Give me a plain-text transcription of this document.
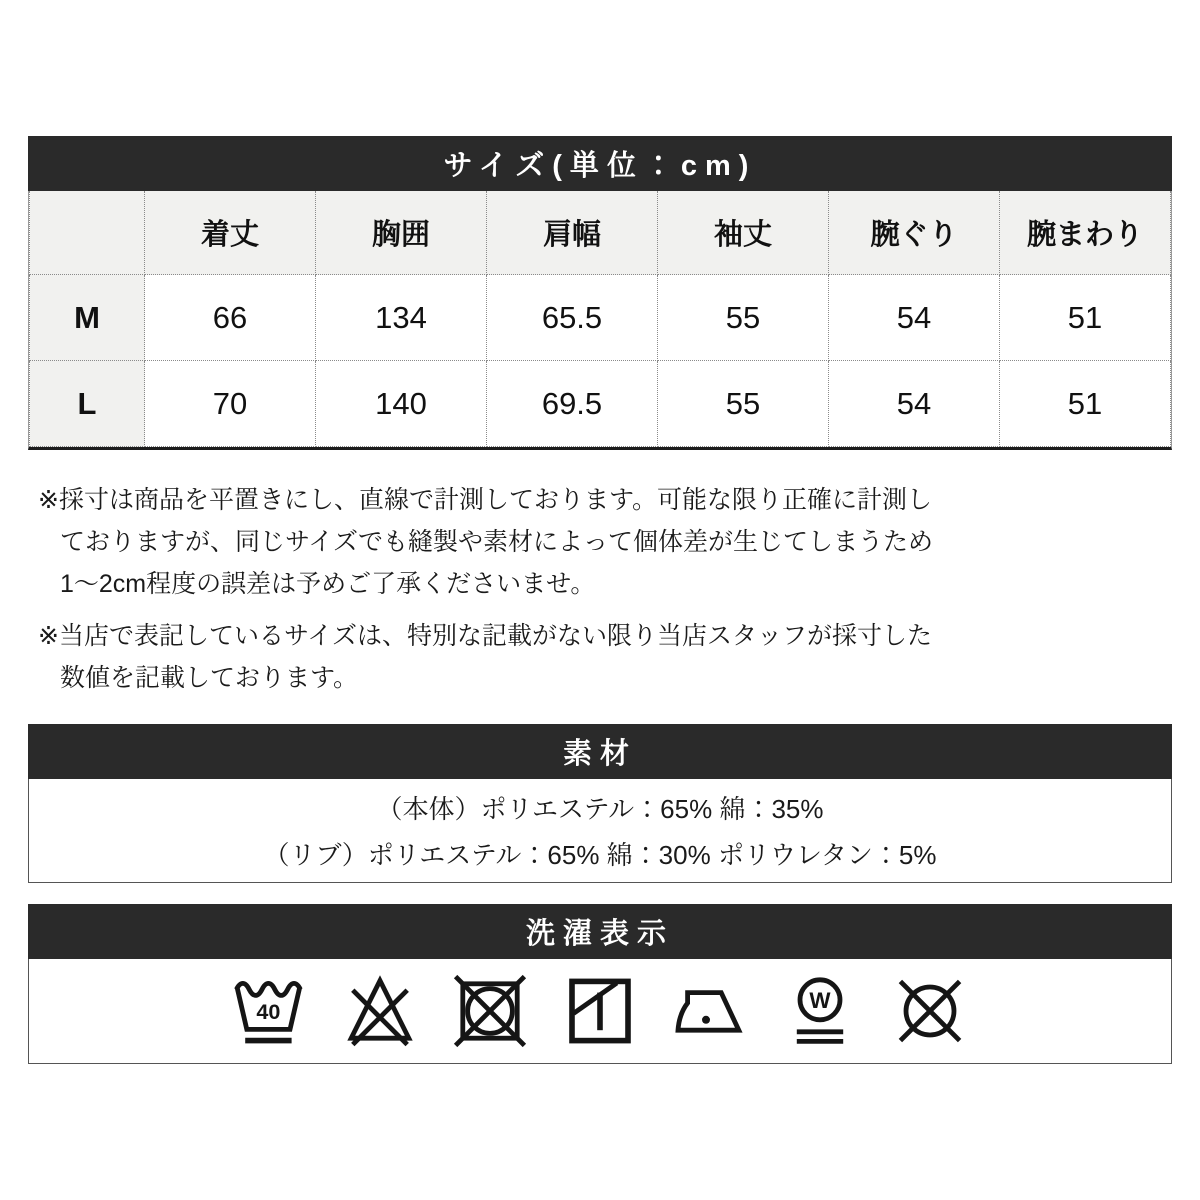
サイズ(単位：cm)
	着丈	胸囲	肩幅	袖丈	腕ぐり	腕まわり
M	66	134	65.5	55	54	51
L	70	140	69.5	55	54	51
※採寸は商品を平置きにし、直線で計測しております。可能な限り正確に計測し
ておりますが、同じサイズでも縫製や素材によって個体差が生じてしまうため
1〜2cm程度の誤差は予めご了承くださいませ。
※当店で表記しているサイズは、特別な記載がない限り当店スタッフが採寸した
数値を記載しております。
素材
（本体）ポリエステル：65% 綿：35%
（リブ）ポリエステル：65% 綿：30% ポリウレタン：5%
洗濯表示
40	W
